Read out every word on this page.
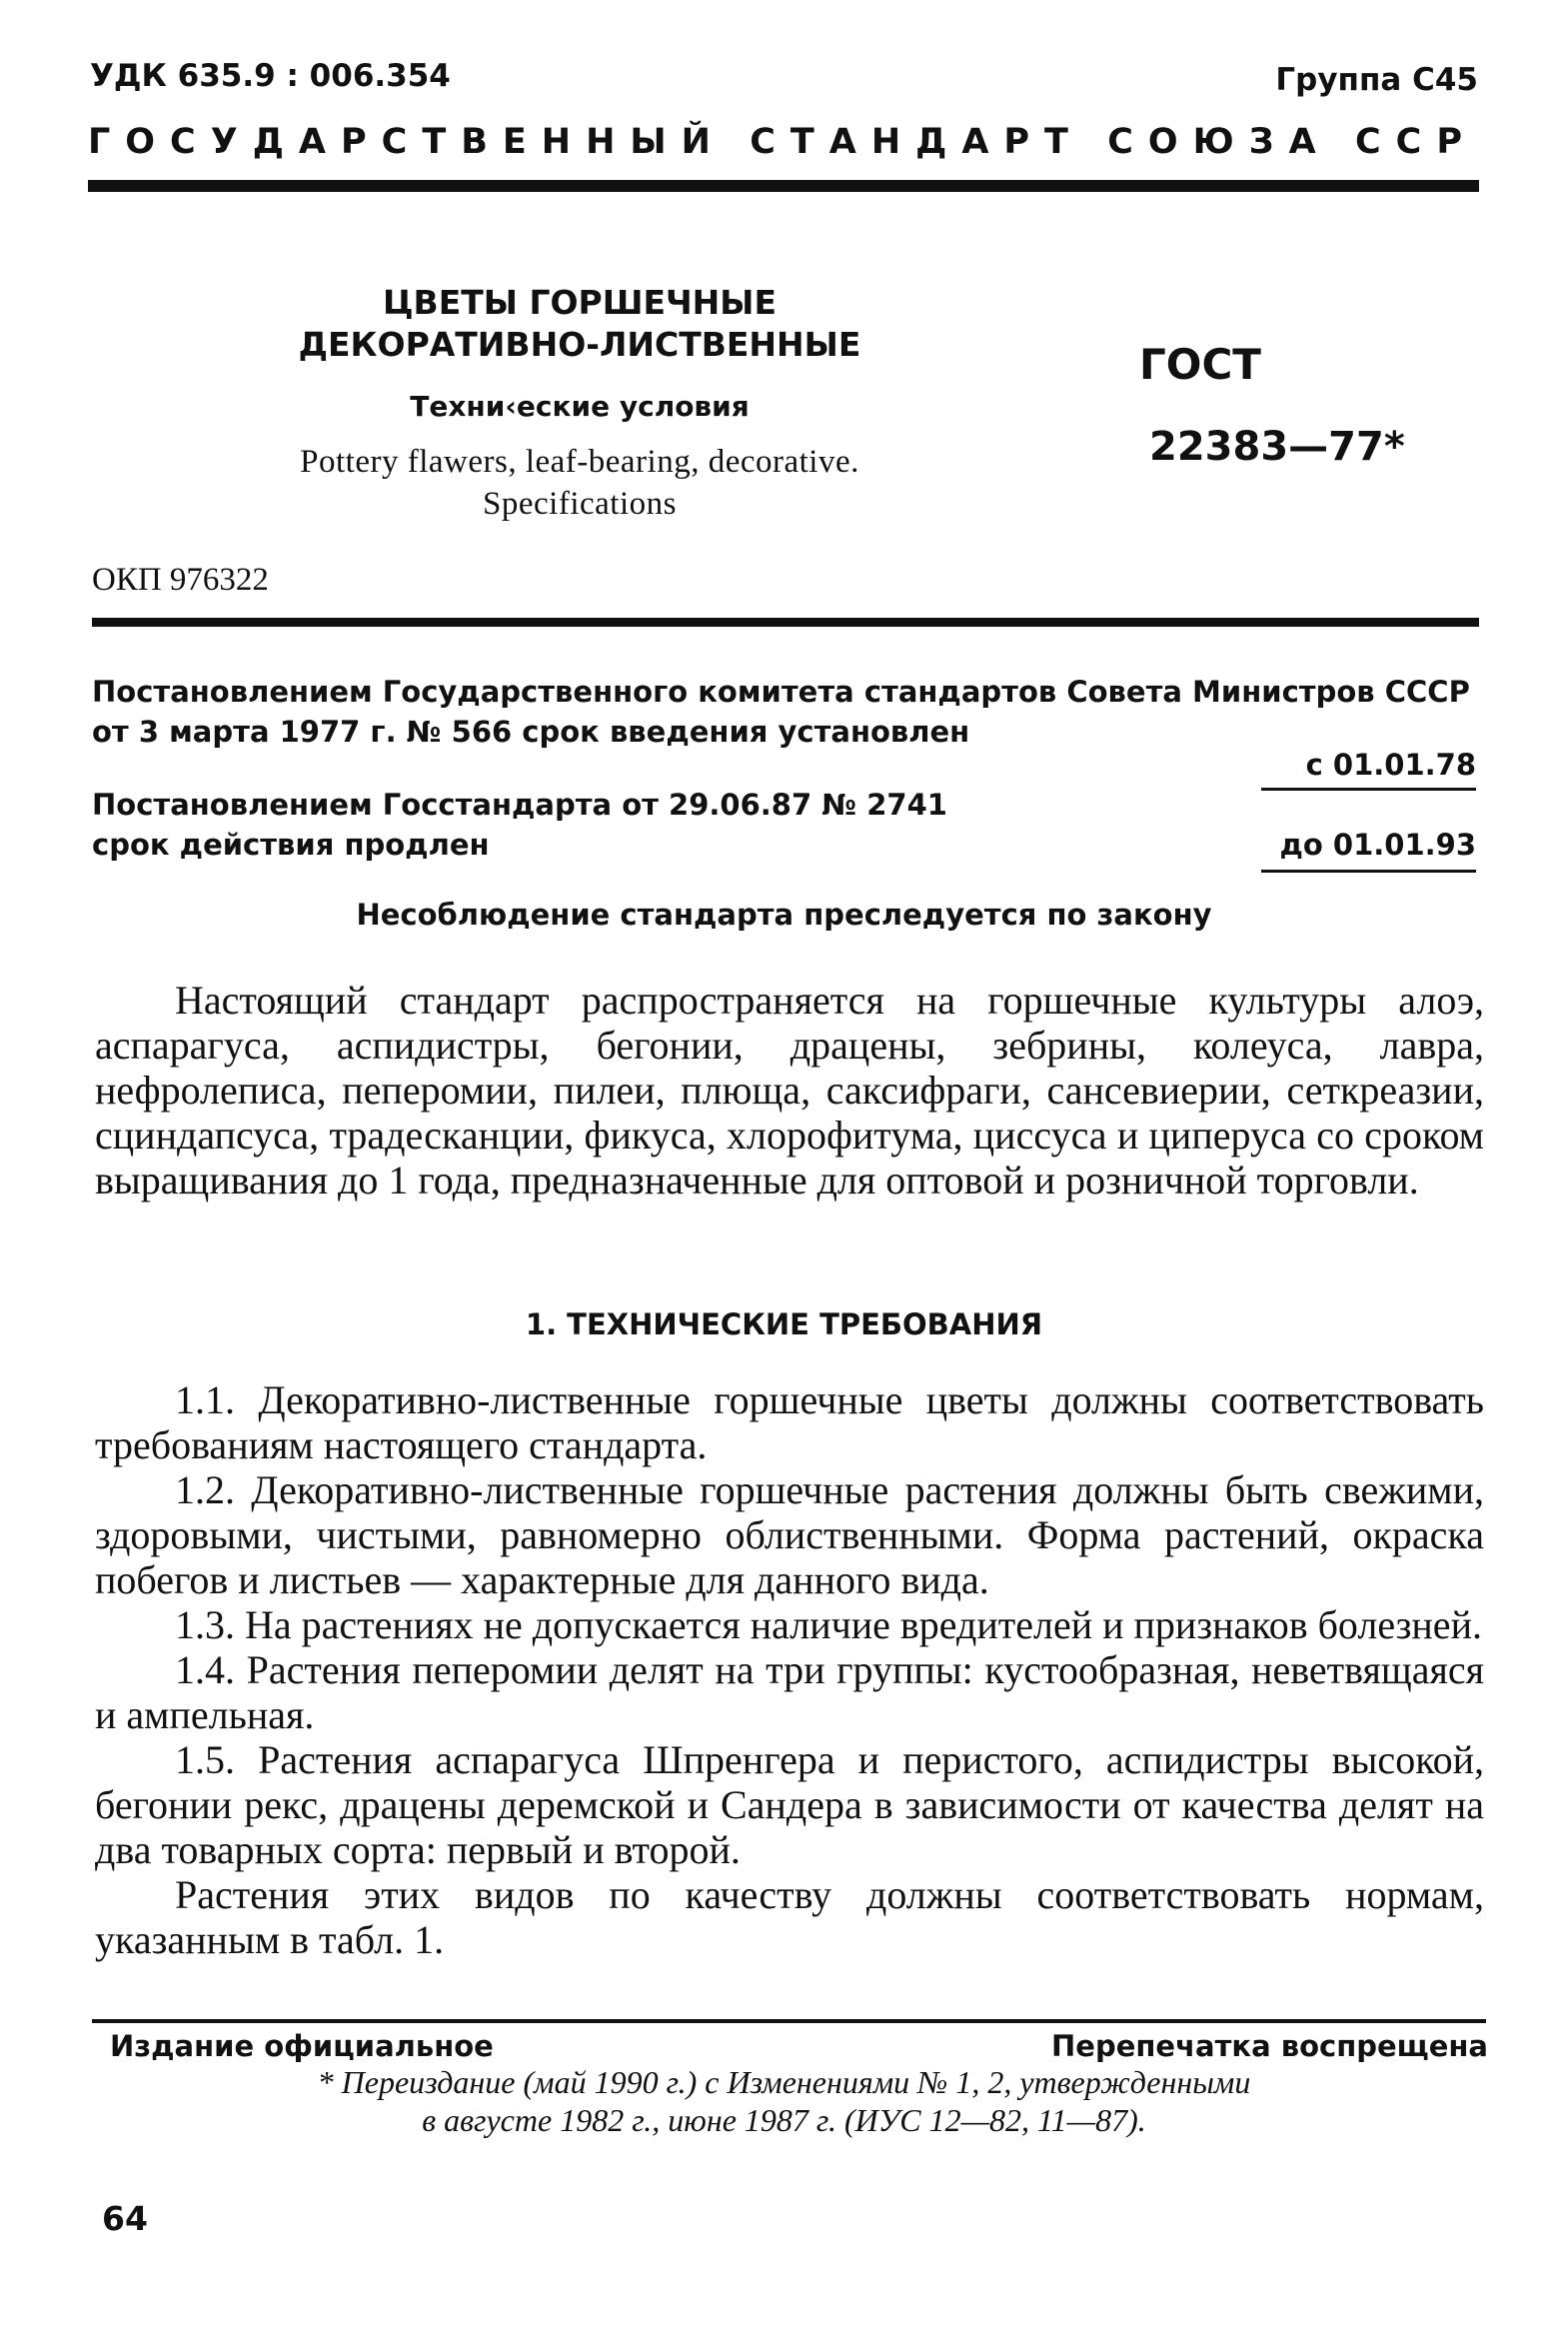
УДК 635.9 : 006.354	Группа С45
ГОСУДАРСТВЕННЫЙ СТАНДАРТ СОЮЗА ССР
ЦВЕТЫ ГОРШЕЧНЫЕ
ДЕКОРАТИВНО-ЛИСТВЕННЫЕ
Техни‹еские условия
Pottery flawers, leaf-bearing, decorative.
Specifications
ГОСТ
22383—77*
ОКП 976322
Постановлением Государственного комитета стандартов Совета Министров СССР
от 3 марта 1977 г. № 566 срок введения установлен
с 01.01.78
Постановлением Госстандарта от 29.06.87 № 2741
срок действия продлен	до 01.01.93
Несоблюдение стандарта преследуется по закону
Настоящий стандарт распространяется на горшечные культуры алоэ, аспарагуса, аспидистры, бегонии, драцены, зебрины, колеуса, лавра, нефролеписа, пеперомии, пилеи, плюща, саксифраги, сансевиерии, сеткреазии, сциндапсуса, традесканции, фикуса, хлорофитума, циссуса и циперуса со сроком выращивания до 1 года, предназначенные для оптовой и розничной торговли.
1. ТЕХНИЧЕСКИЕ ТРЕБОВАНИЯ

1.1. Декоративно-лиственные горшечные цветы должны соответствовать требованиям настоящего стандарта.

1.2. Декоративно-лиственные горшечные растения должны быть свежими, здоровыми, чистыми, равномерно облиственными. Форма растений, окраска побегов и листьев — характерные для данного вида.

1.3. На растениях не допускается наличие вредителей и признаков болезней.

1.4. Растения пеперомии делят на три группы: кустообразная, неветвящаяся и ампельная.

1.5. Растения аспарагуса Шпренгера и перистого, аспидистры высокой, бегонии рекс, драцены деремской и Сандера в зависимости от качества делят на два товарных сорта: первый и второй.

Растения этих видов по качеству должны соответствовать нормам, указанным в табл. 1.

Издание официальное	Перепечатка воспрещена
* Переиздание (май 1990 г.) с Изменениями № 1, 2, утвержденными
в августе 1982 г., июне 1987 г. (ИУС 12—82, 11—87).
64
